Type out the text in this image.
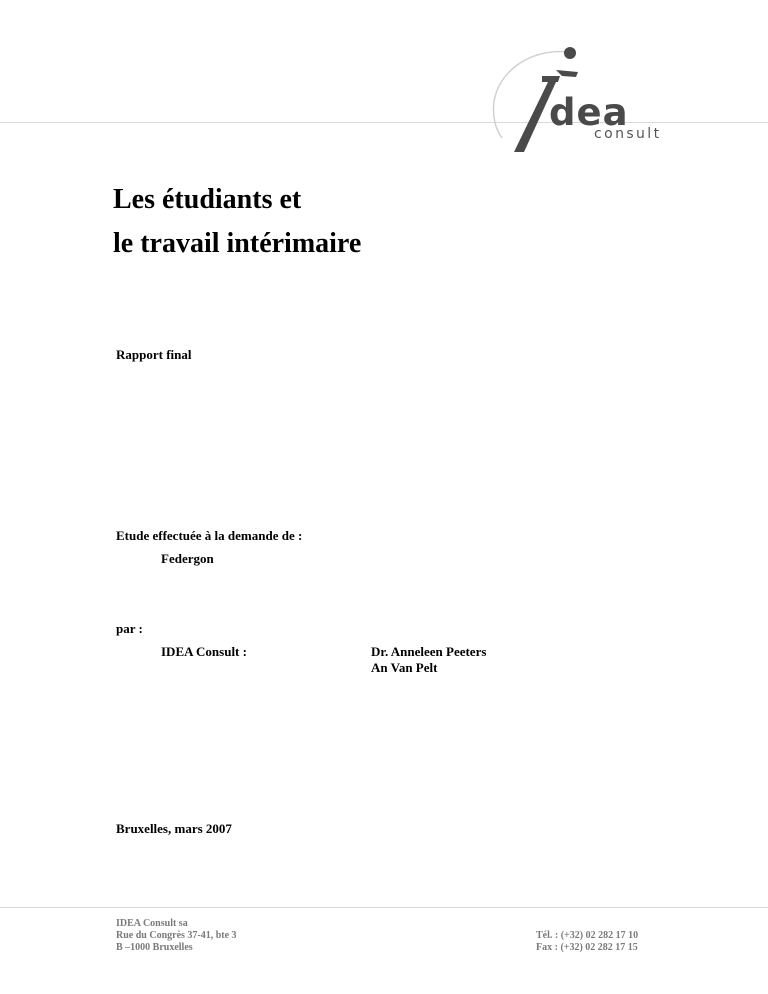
dea
consult
Les étudiants et
le travail intérimaire
Rapport final
Etude effectuée à la demande de :
Federgon
par :
IDEA Consult :	Dr. Anneleen Peeters
An Van Pelt
Bruxelles, mars 2007
IDEA Consult sa
Rue du Congrès 37-41, bte 3
B –1000 Bruxelles
Tél. : (+32) 02 282 17 10
Fax : (+32) 02 282 17 15
